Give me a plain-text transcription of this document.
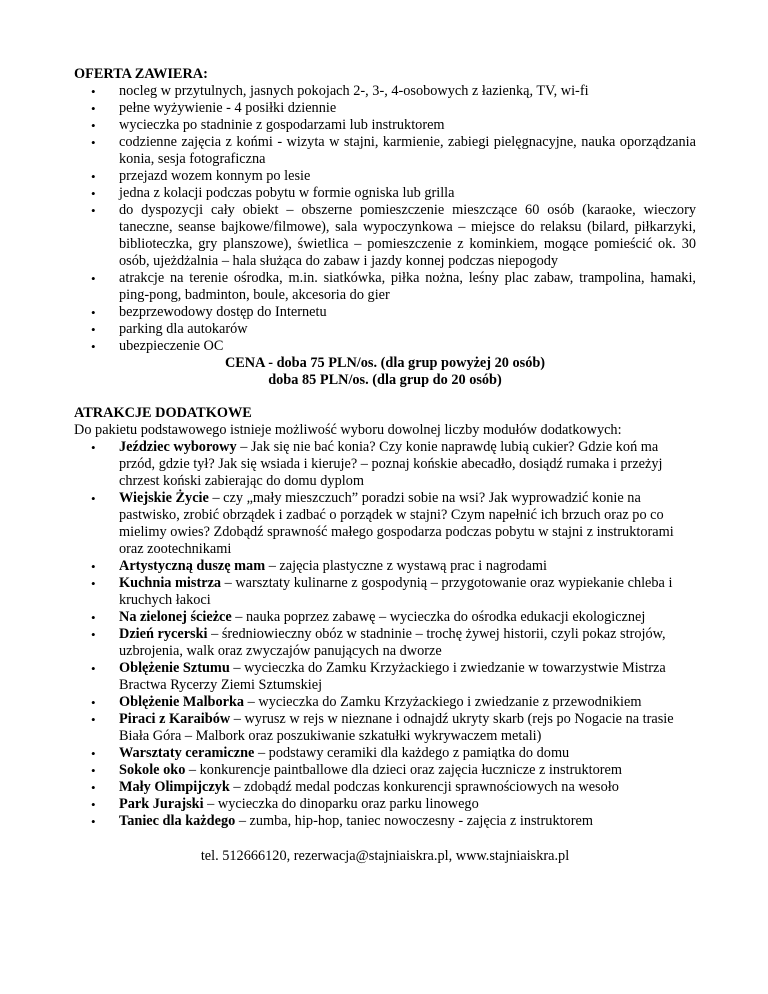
OFERTA ZAWIERA:
• nocleg w przytulnych, jasnych pokojach 2-, 3-, 4-osobowych z łazienką, TV, wi-fi
• pełne wyżywienie - 4 posiłki dziennie
• wycieczka po stadninie z gospodarzami lub instruktorem
• codzienne zajęcia z końmi - wizyta w stajni, karmienie, zabiegi pielęgnacyjne, nauka oporządzania konia, sesja fotograficzna
• przejazd wozem konnym po lesie
• jedna z kolacji podczas pobytu w formie ogniska lub grilla
• do dyspozycji cały obiekt – obszerne pomieszczenie mieszczące 60 osób (karaoke, wieczory taneczne, seanse bajkowe/filmowe), sala wypoczynkowa – miejsce do relaksu (bilard, piłkarzyki, biblioteczka, gry planszowe), świetlica – pomieszczenie z kominkiem, mogące pomieścić ok. 30 osób, ujeżdżalnia – hala służąca do zabaw i jazdy konnej podczas niepogody
• atrakcje na terenie ośrodka, m.in. siatkówka, piłka nożna, leśny plac zabaw, trampolina, hamaki, ping-pong, badminton, boule, akcesoria do gier
• bezprzewodowy dostęp do Internetu
• parking dla autokarów
• ubezpieczenie OC
CENA - doba 75 PLN/os. (dla grup powyżej 20 osób)
doba 85 PLN/os. (dla grup do 20 osób)
ATRAKCJE DODATKOWE
Do pakietu podstawowego istnieje możliwość wyboru dowolnej liczby modułów dodatkowych:
• Jeździec wyborowy – Jak się nie bać konia? Czy konie naprawdę lubią cukier? Gdzie koń ma przód, gdzie tył? Jak się wsiada i kieruje? – poznaj końskie abecadło, dosiądź rumaka i przeżyj chrzest koński zabierając do domu dyplom
• Wiejskie Życie – czy „mały mieszczuch” poradzi sobie na wsi? Jak wyprowadzić konie na pastwisko, zrobić obrządek i zadbać o porządek w stajni? Czym napełnić ich brzuch oraz po co mielimy owies? Zdobądź sprawność małego gospodarza podczas pobytu w stajni z instruktorami oraz zootechnikami
• Artystyczną duszę mam – zajęcia plastyczne z wystawą prac i nagrodami
• Kuchnia mistrza – warsztaty kulinarne z gospodynią – przygotowanie oraz wypiekanie chleba i kruchych łakoci
• Na zielonej ścieżce – nauka poprzez zabawę – wycieczka do ośrodka edukacji ekologicznej
• Dzień rycerski – średniowieczny obóz w stadninie – trochę żywej historii, czyli pokaz strojów, uzbrojenia, walk oraz zwyczajów panujących na dworze
• Oblężenie Sztumu – wycieczka do Zamku Krzyżackiego i zwiedzanie w towarzystwie Mistrza Bractwa Rycerzy Ziemi Sztumskiej
• Oblężenie Malborka – wycieczka do Zamku Krzyżackiego i zwiedzanie z przewodnikiem
• Piraci z Karaibów – wyrusz w rejs w nieznane i odnajdź ukryty skarb (rejs po Nogacie na trasie Biała Góra – Malbork oraz poszukiwanie szkatułki wykrywaczem metali)
• Warsztaty ceramiczne – podstawy ceramiki dla każdego z pamiątka do domu
• Sokole oko – konkurencje paintballowe dla dzieci oraz zajęcia łucznicze z instruktorem
• Mały Olimpijczyk – zdobądź medal podczas konkurencji sprawnościowych na wesoło
• Park Jurajski – wycieczka do dinoparku oraz parku linowego
• Taniec dla każdego – zumba, hip-hop, taniec nowoczesny - zajęcia z instruktorem
tel. 512666120, rezerwacja@stajniaiskra.pl, www.stajniaiskra.pl
